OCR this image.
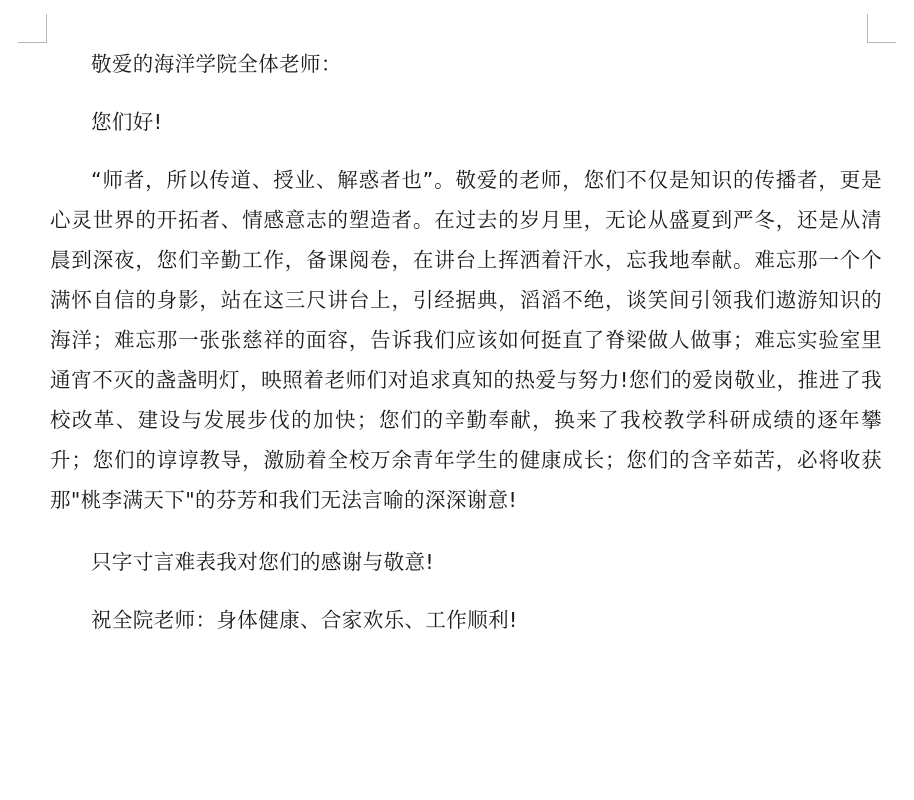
敬爱的海洋学院全体老师：

您们好!

“师者，所以传道、授业、解惑者也”。敬爱的老师，您们不仅是知识的传播者，更是心灵世界的开拓者、情感意志的塑造者。在过去的岁月里，无论从盛夏到严冬，还是从清晨到深夜，您们辛勤工作，备课阅卷，在讲台上挥洒着汗水，忘我地奉献。难忘那一个个满怀自信的身影，站在这三尺讲台上，引经据典，滔滔不绝，谈笑间引领我们遨游知识的海洋；难忘那一张张慈祥的面容，告诉我们应该如何挺直了脊梁做人做事；难忘实验室里通宵不灭的盏盏明灯，映照着老师们对追求真知的热爱与努力!您们的爱岗敬业，推进了我校改革、建设与发展步伐的加快；您们的辛勤奉献，换来了我校教学科研成绩的逐年攀升；您们的谆谆教导，激励着全校万余青年学生的健康成长；您们的含辛茹苦，必将收获那"桃李满天下"的芬芳和我们无法言喻的深深谢意!

只字寸言难表我对您们的感谢与敬意!

祝全院老师：身体健康、合家欢乐、工作顺利!
